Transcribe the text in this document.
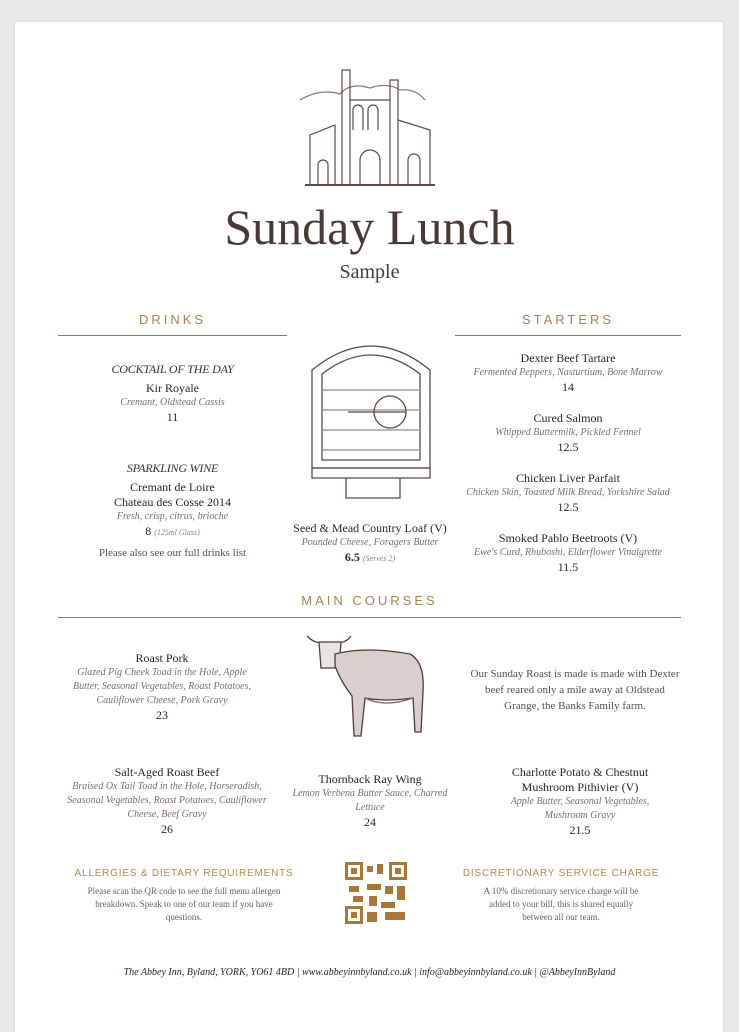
Sunday Lunch
Sample
DRINKS
COCKTAIL OF THE DAY
Kir Royale
Cremant, Oldstead Cassis
11
SPARKLING WINE
Cremant de Loire
Chateau des Cosse 2014
Fresh, crisp, citrus, brioche
8 (125ml Glass)
Please also see our full drinks list
Seed & Mead Country Loaf (V)
Pounded Cheese, Foragers Butter
6.5 (Serves 2)
STARTERS
Dexter Beef Tartare
Fermented Peppers, Nasturtium, Bone Marrow
14
Cured Salmon
Whipped Buttermilk, Pickled Fennel
12.5
Chicken Liver Parfait
Chicken Skin, Toasted Milk Bread, Yorkshire Salad
12.5
Smoked Pablo Beetroots (V)
Ewe's Curd, Rhuboshi, Elderflower Vinaigrette
11.5
MAIN COURSES
Roast Pork
Glazed Pig Cheek Toad in the Hole, Apple Butter, Seasonal Vegetables, Roast Potatoes, Cauliflower Cheese, Pork Gravy
23
Our Sunday Roast is made is made with Dexter beef reared only a mile away at Oldstead Grange, the Banks Family farm.
Salt-Aged Roast Beef
Braised Ox Tail Toad in the Hole, Horseradish, Seasonal Vegetables, Roast Potatoes, Cauliflower Cheese, Beef Gravy
26
Thornback Ray Wing
Lemon Verbena Butter Sauce, Charred Lettuce
24
Charlotte Potato & Chestnut Mushroom Pithivier (V)
Apple Butter, Seasonal Vegetables, Mushroom Gravy
21.5
ALLERGIES & DIETARY REQUIREMENTS
Please scan the QR code to see the full menu allergen breakdown. Speak to one of our team if you have questions.
DISCRETIONARY SERVICE CHARGE
A 10% discretionary service charge will be added to your bill, this is shared equally between all our team.
The Abbey Inn, Byland, YORK, YO61 4BD | www.abbeyinnbyland.co.uk | info@abbeyinnbyland.co.uk | @AbbeyInnByland
